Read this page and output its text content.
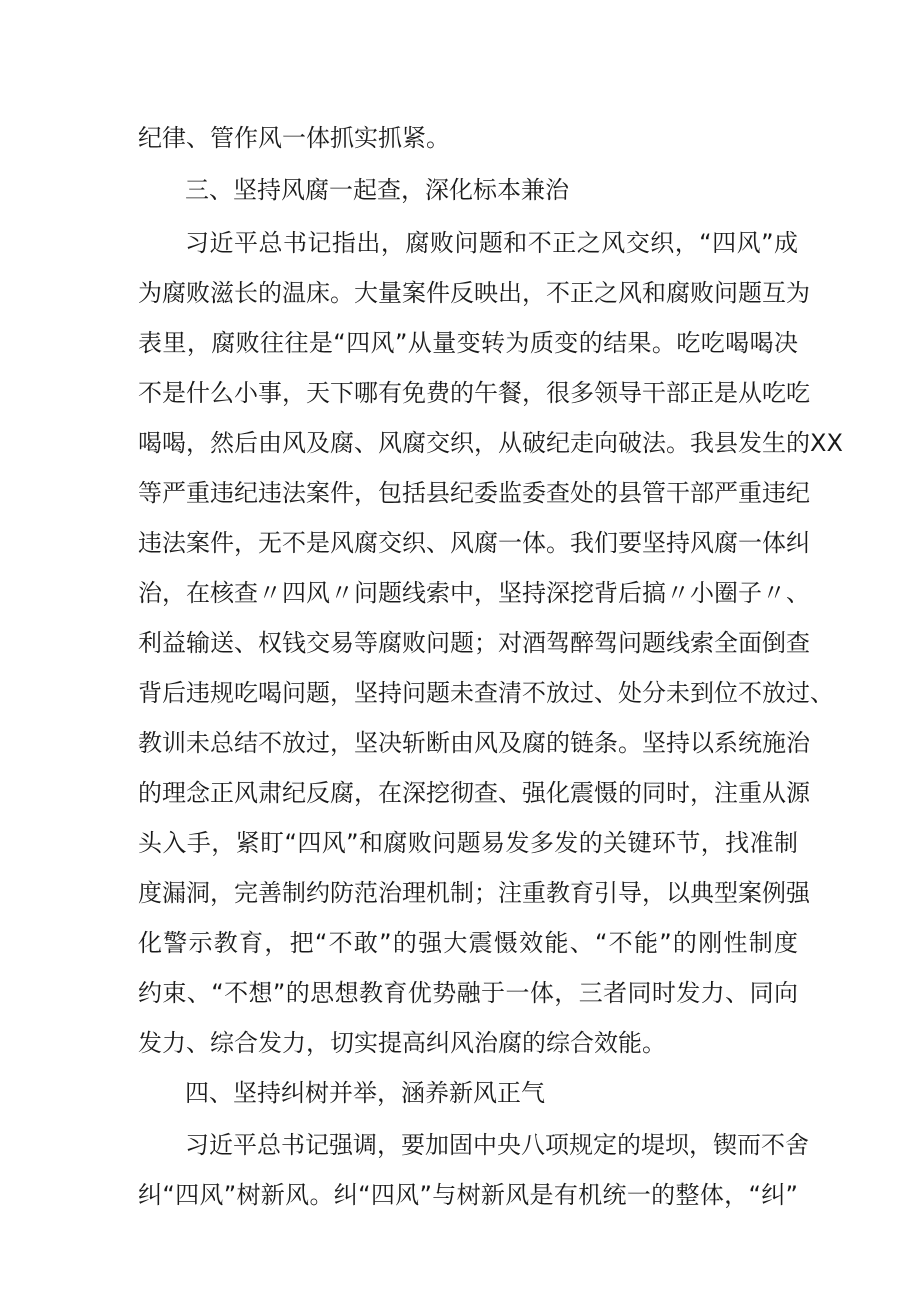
纪律、管作风一体抓实抓紧。
三、坚持风腐一起查，深化标本兼治
习近平总书记指出，腐败问题和不正之风交织，“四风”成
为腐败滋长的温床。大量案件反映出，不正之风和腐败问题互为
表里，腐败往往是“四风”从量变转为质变的结果。吃吃喝喝决
不是什么小事，天下哪有免费的午餐，很多领导干部正是从吃吃
喝喝，然后由风及腐、风腐交织，从破纪走向破法。我县发生的XX
等严重违纪违法案件，包括县纪委监委查处的县管干部严重违纪
违法案件，无不是风腐交织、风腐一体。我们要坚持风腐一体纠
治，在核查〃四风〃问题线索中，坚持深挖背后搞〃小圈子〃、
利益输送、权钱交易等腐败问题；对酒驾醉驾问题线索全面倒查
背后违规吃喝问题，坚持问题未查清不放过、处分未到位不放过、
教训未总结不放过，坚决斩断由风及腐的链条。坚持以系统施治
的理念正风肃纪反腐，在深挖彻查、强化震慑的同时，注重从源
头入手，紧盯“四风”和腐败问题易发多发的关键环节，找准制
度漏洞，完善制约防范治理机制；注重教育引导，以典型案例强
化警示教育，把“不敢”的强大震慑效能、“不能”的刚性制度
约束、“不想”的思想教育优势融于一体，三者同时发力、同向
发力、综合发力，切实提高纠风治腐的综合效能。
四、坚持纠树并举，涵养新风正气
习近平总书记强调，要加固中央八项规定的堤坝，锲而不舍
纠“四风”树新风。纠“四风”与树新风是有机统一的整体，“纠”
